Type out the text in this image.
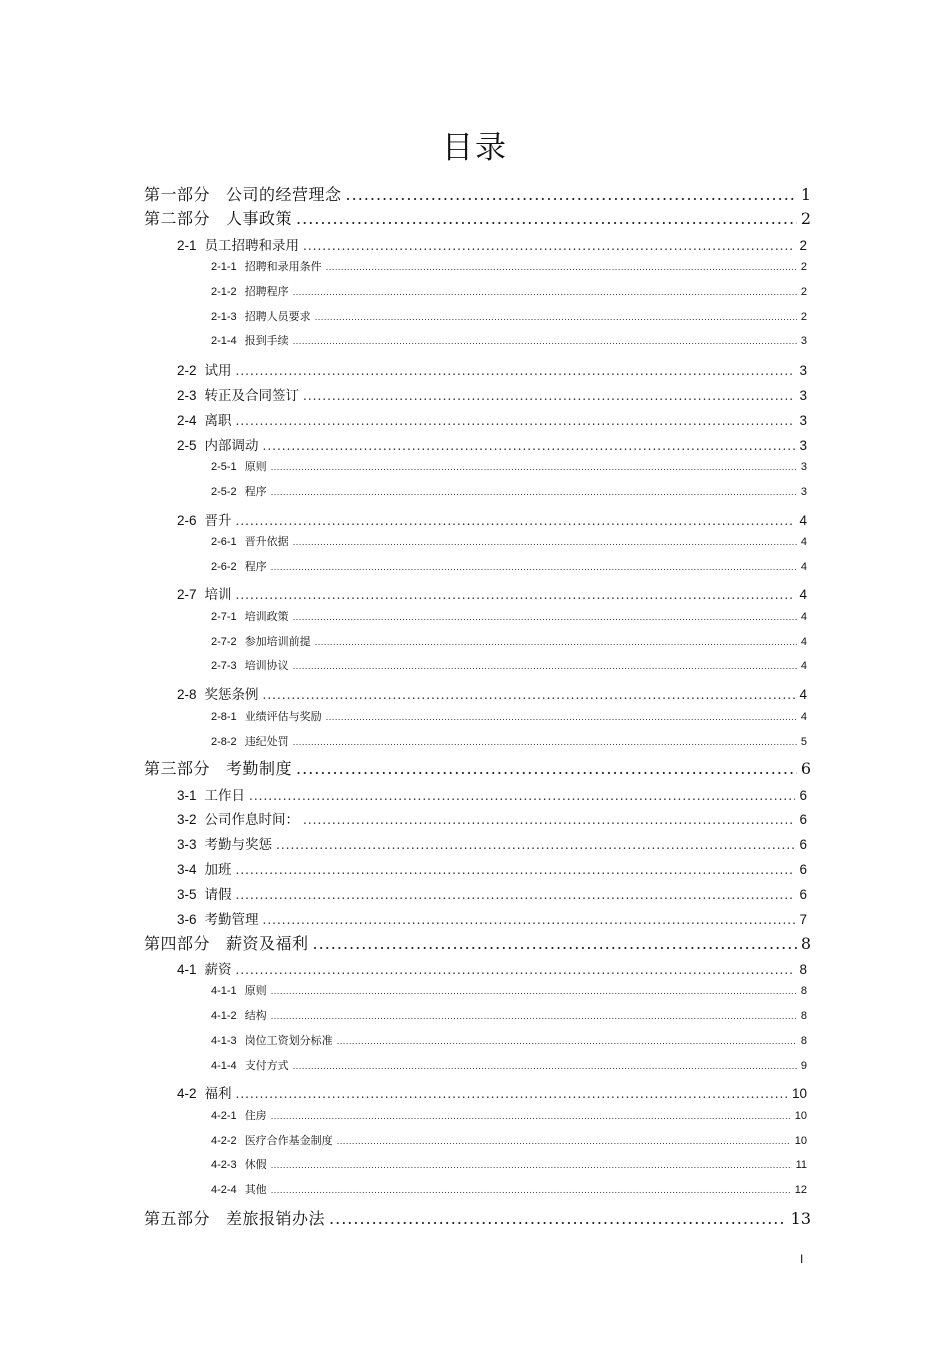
目录
第一部分 公司的经营理念 .....	1
第二部分 人事政策 .....	2
2-1 员工招聘和录用 .....	2
2-1-1 招聘和录用条件 .....	2
2-1-2 招聘程序 .....	2
2-1-3 招聘人员要求 .....	2
2-1-4 报到手续 .....	3
2-2 试用 .....	3
2-3 转正及合同签订 .....	3
2-4 离职 .....	3
2-5 内部调动 .....	3
2-5-1 原则 .....	3
2-5-2 程序 .....	3
2-6 晋升 .....	4
2-6-1 晋升依据 .....	4
2-6-2 程序 .....	4
2-7 培训 .....	4
2-7-1 培训政策 .....	4
2-7-2 参加培训前提 .....	4
2-7-3 培训协议 .....	4
2-8 奖惩条例 .....	4
2-8-1 业绩评估与奖励 .....	4
2-8-2 违纪处罚 .....	5
第三部分 考勤制度 .....	6
3-1 工作日 .....	6
3-2 公司作息时间： .....	6
3-3 考勤与奖惩 .....	6
3-4 加班 .....	6
3-5 请假 .....	6
3-6 考勤管理 .....	7
第四部分 薪资及福利 .....	8
4-1 薪资 .....	8
4-1-1 原则 .....	8
4-1-2 结构 .....	8
4-1-3 岗位工资划分标准 .....	8
4-1-4 支付方式 .....	9
4-2 福利 .....	10
4-2-1 住房 .....	10
4-2-2 医疗合作基金制度 .....	10
4-2-3 休假 .....	11
4-2-4 其他 .....	12
第五部分 差旅报销办法 .....	13
I
